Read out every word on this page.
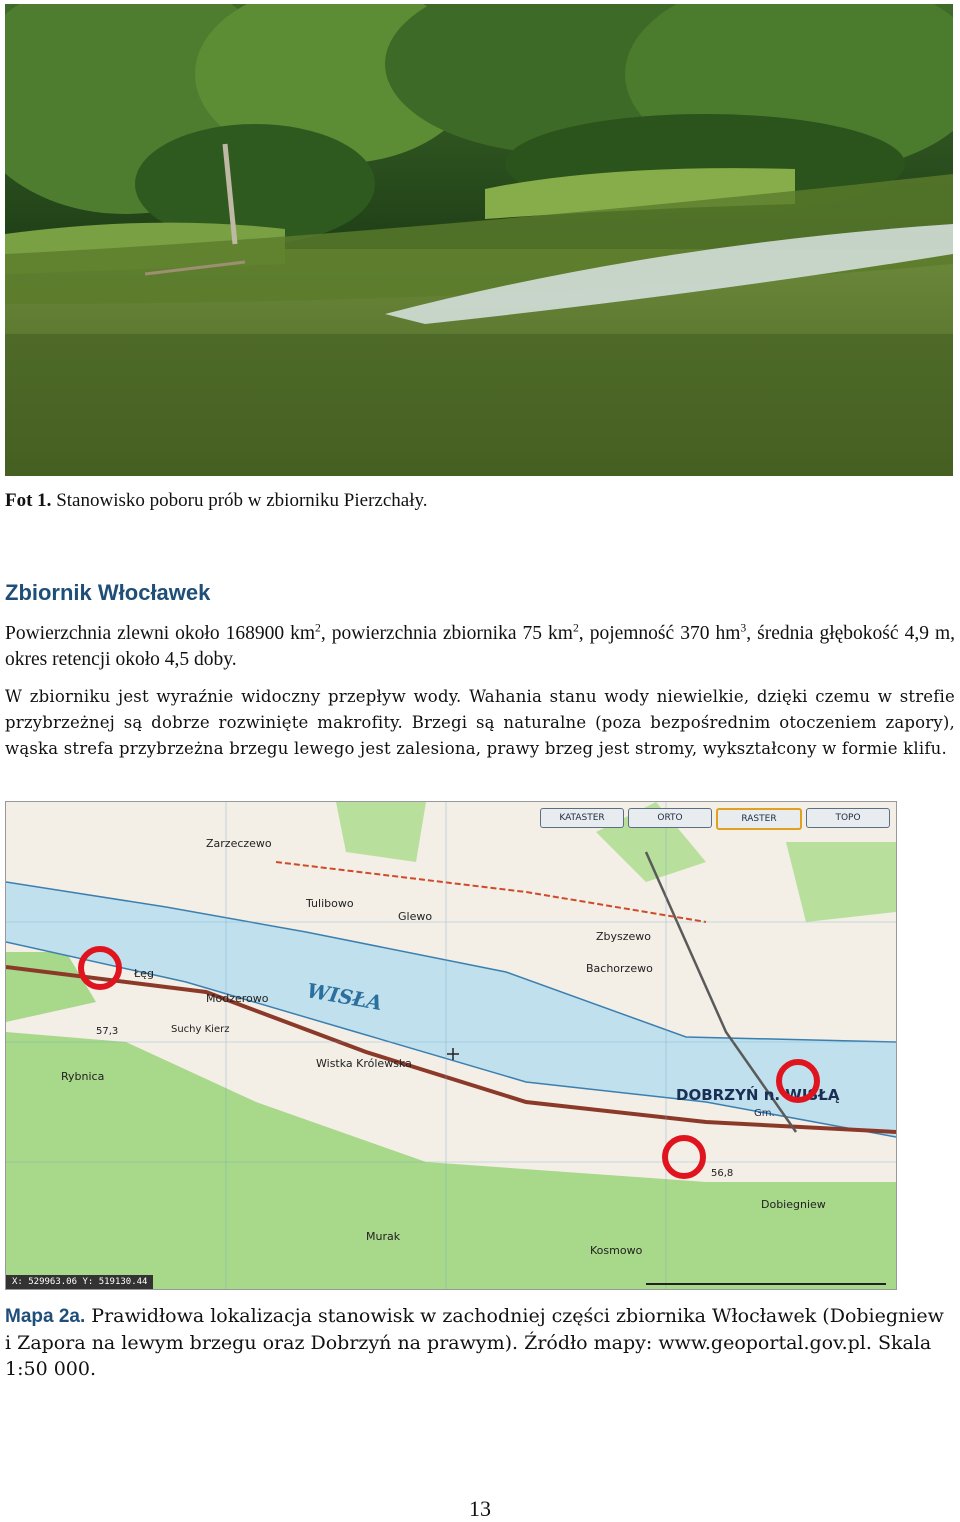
Fot 1. Stanowisko poboru prób w zbiorniku Pierzchały.
Zbiornik Włocławek
Powierzchnia zlewni około 168900 $km^2$, powierzchnia zbiornika 75 $km^2$, pojemność 370 $hm^3$, średnia głębokość 4,9 m, okres retencji około 4,5 doby.
W zbiorniku jest wyraźnie widoczny przepływ wody. Wahania stanu wody niewielkie, dzięki czemu w strefie przybrzeżnej są dobrze rozwinięte makrofity. Brzegi są naturalne (poza bezpośrednim otoczeniem zapory), wąska strefa przybrzeżna brzegu lewego jest zalesiona, prawy brzeg jest stromy, wykształcony w formie klifu.
WISŁA
DOBRZYŃ n. WISŁĄ
Gm.
Modzerowo
Łęg
Tulibowo
Zarzeczewo
Glewo
Zbyszewo
Bachorzewo
Wistka Królewska
Rybnica
Suchy Kierz
Dobiegniew
Murak
Kosmowo
56,8
57,3
KATASTER	ORTO	RASTER	TOPO
X: 529963.06 Y: 519130.44
Mapa 2a. Prawidłowa lokalizacja stanowisk w zachodniej części zbiornika Włocławek (Dobiegniew i Zapora na lewym brzegu oraz Dobrzyń na prawym). Źródło mapy: www.geoportal.gov.pl. Skala 1:50 000.
13
